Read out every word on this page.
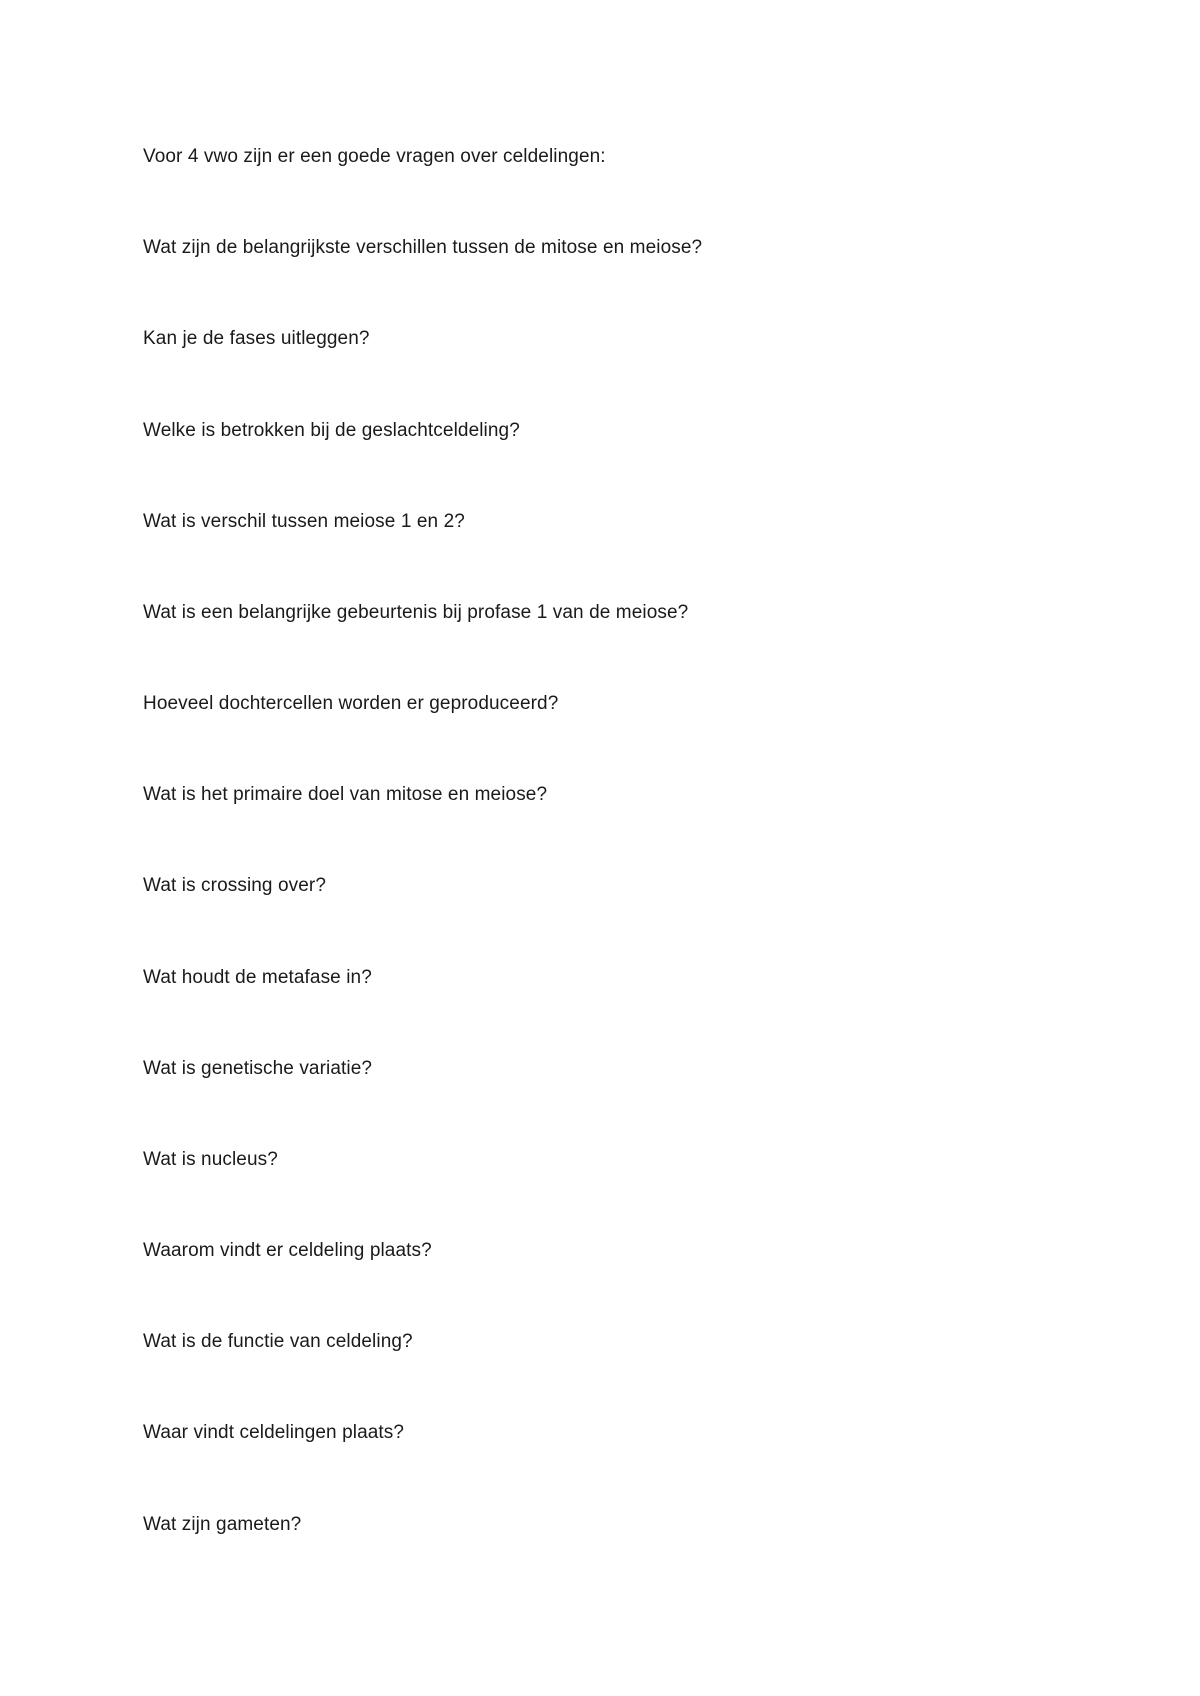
Voor 4 vwo zijn er een goede vragen over celdelingen:
Wat zijn de belangrijkste verschillen tussen de mitose en meiose?
Kan je de fases uitleggen?
Welke is betrokken bij de geslachtceldeling?
Wat is verschil tussen meiose 1 en 2?
Wat is een belangrijke gebeurtenis bij profase 1 van de meiose?
Hoeveel dochtercellen worden er geproduceerd?
Wat is het primaire doel van mitose en meiose?
Wat is crossing over?
Wat houdt de metafase in?
Wat is genetische variatie?
Wat is nucleus?
Waarom vindt er celdeling plaats?
Wat is de functie van celdeling?
Waar vindt celdelingen plaats?
Wat zijn gameten?
